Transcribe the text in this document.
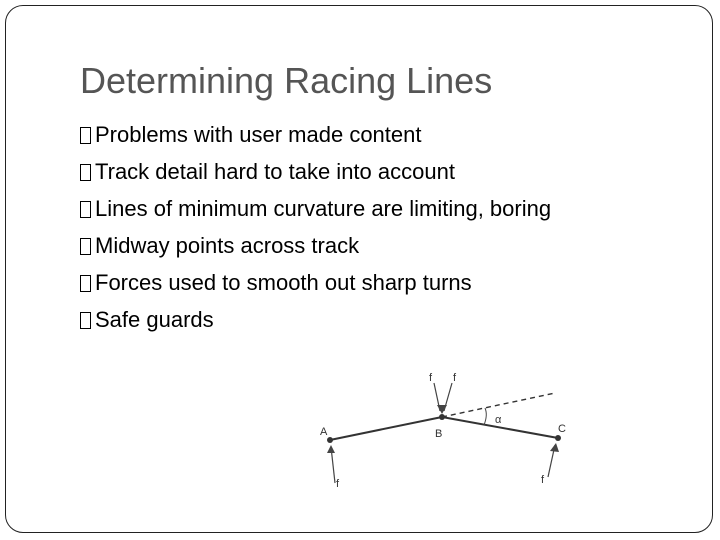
Determining Racing Lines
Problems with user made content
Track detail hard to take into account
Lines of minimum curvature are limiting, boring
Midway points across track
Forces used to smooth out sharp turns
Safe guards
A	B	C
α
f
f f
f
